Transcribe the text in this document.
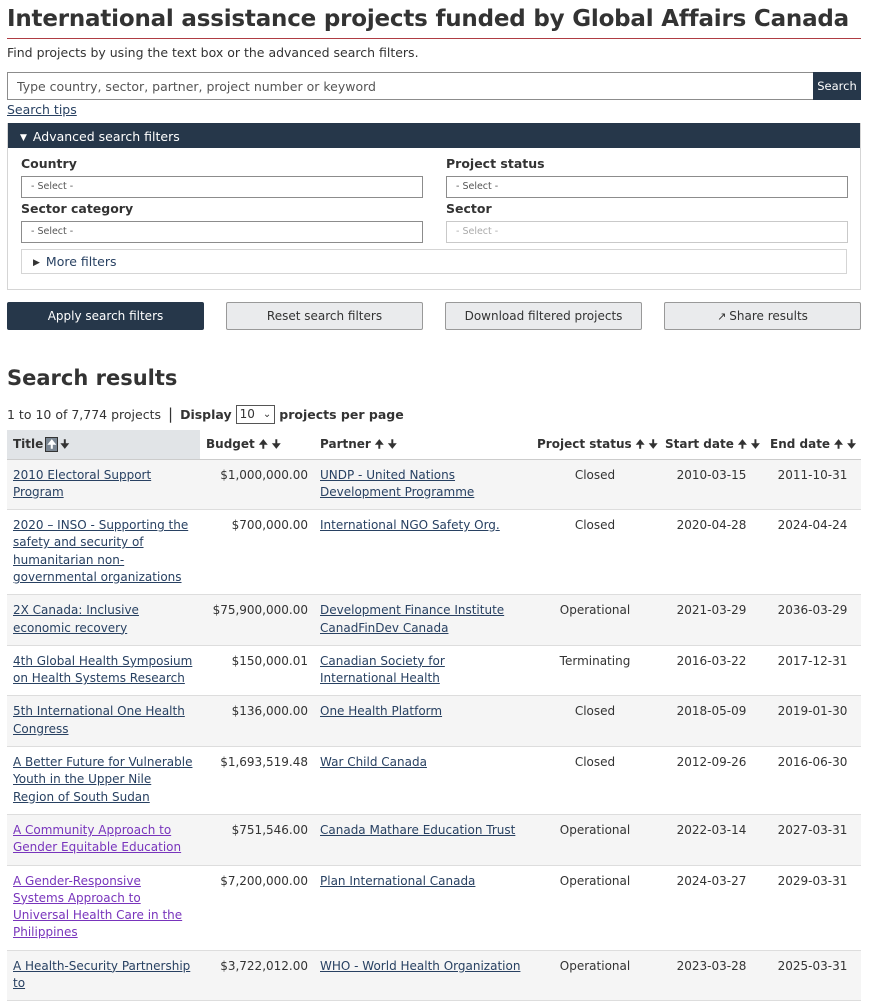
International assistance projects funded by Global Affairs Canada

Find projects by using the text box or the advanced search filters.

Type country, sector, partner, project number or keyword
Search
Search tips
▼ Advanced search filters
Country
- Select -
Project status
- Select -
Sector category
- Select -
Sector
- Select -
▶ More filters
Apply search filters	Reset search filters	Download filtered projects	↗ Share results
Search results
1 to 10 of 7,774 projects | Display 10 ⌄ projects per page
Title 🠉 🠋	Budget 🠉 🠋	Partner 🠉 🠋	Project status 🠉 🠋	Start date 🠉 🠋	End date 🠉 🠋
2010 Electoral Support Program	$1,000,000.00	UNDP - United Nations Development Programme	Closed	2010-03-15	2011-10-31
2020 – INSO - Supporting the safety and security of humanitarian non-governmental organizations	$700,000.00	International NGO Safety Org.	Closed	2020-04-28	2024-04-24
2X Canada: Inclusive economic recovery	$75,900,000.00	Development Finance Institute CanadFinDev Canada	Operational	2021-03-29	2036-03-29
4th Global Health Symposium on Health Systems Research	$150,000.01	Canadian Society for International Health	Terminating	2016-03-22	2017-12-31
5th International One Health Congress	$136,000.00	One Health Platform	Closed	2018-05-09	2019-01-30
A Better Future for Vulnerable Youth in the Upper Nile Region of South Sudan	$1,693,519.48	War Child Canada	Closed	2012-09-26	2016-06-30
A Community Approach to Gender Equitable Education	$751,546.00	Canada Mathare Education Trust	Operational	2022-03-14	2027-03-31
A Gender-Responsive Systems Approach to Universal Health Care in the Philippines	$7,200,000.00	Plan International Canada	Operational	2024-03-27	2029-03-31
A Health-Security Partnership to	$3,722,012.00	WHO - World Health Organization	Operational	2023-03-28	2025-03-31
